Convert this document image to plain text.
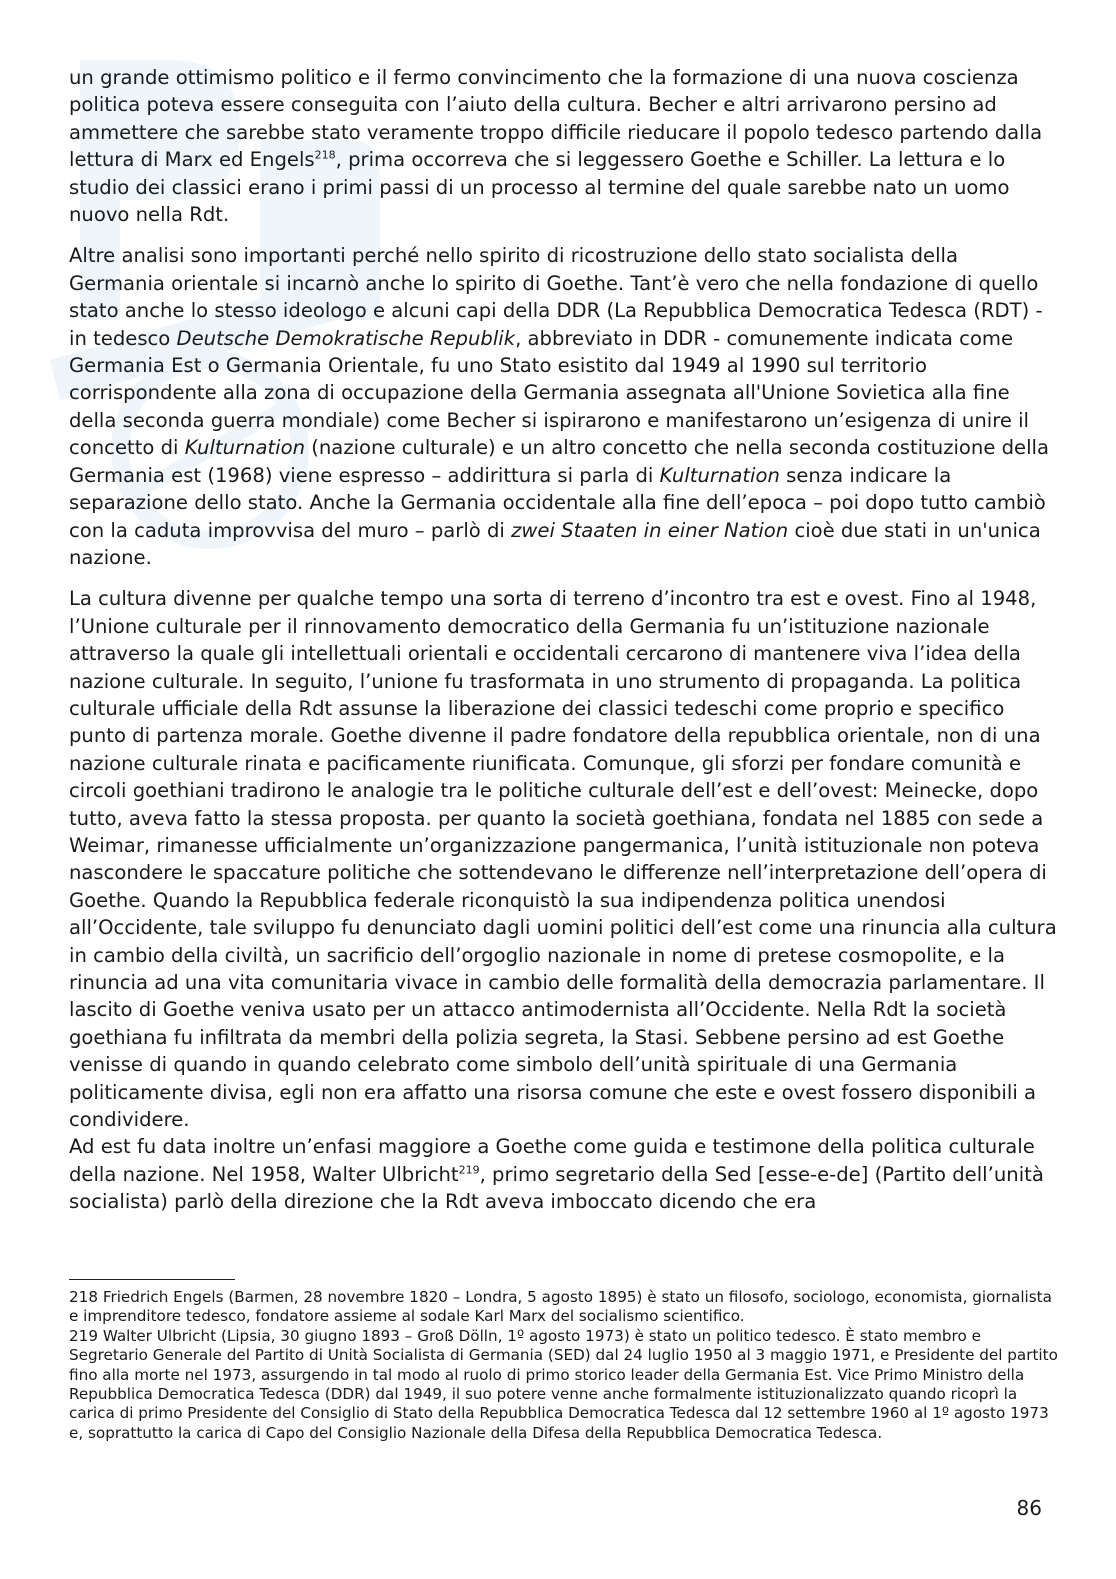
un grande ottimismo politico e il fermo convincimento che la formazione di una nuova coscienza politica poteva essere conseguita con l’aiuto della cultura. Becher e altri arrivarono persino ad ammettere che sarebbe stato veramente troppo difficile rieducare il popolo tedesco partendo dalla lettura di Marx ed Engels$^{218}$, prima occorreva che si leggessero Goethe e Schiller. La lettura e lo studio dei classici erano i primi passi di un processo al termine del quale sarebbe nato un uomo nuovo nella Rdt.

Altre analisi sono importanti perché nello spirito di ricostruzione dello stato socialista della Germania orientale si incarnò anche lo spirito di Goethe. Tant’è vero che nella fondazione di quello stato anche lo stesso ideologo e alcuni capi della DDR (La Repubblica Democratica Tedesca (RDT) - in tedesco Deutsche Demokratische Republik, abbreviato in DDR - comunemente indicata come Germania Est o Germania Orientale, fu uno Stato esistito dal 1949 al 1990 sul territorio corrispondente alla zona di occupazione della Germania assegnata all'Unione Sovietica alla fine della seconda guerra mondiale) come Becher si ispirarono e manifestarono un’esigenza di unire il concetto di Kulturnation (nazione culturale) e un altro concetto che nella seconda costituzione della Germania est (1968) viene espresso – addirittura si parla di Kulturnation senza indicare la separazione dello stato. Anche la Germania occidentale alla fine dell’epoca – poi dopo tutto cambiò con la caduta improvvisa del muro – parlò di zwei Staaten in einer Nation cioè due stati in un'unica nazione.

La cultura divenne per qualche tempo una sorta di terreno d’incontro tra est e ovest. Fino al 1948, l’Unione culturale per il rinnovamento democratico della Germania fu un’istituzione nazionale attraverso la quale gli intellettuali orientali e occidentali cercarono di mantenere viva l’idea della nazione culturale. In seguito, l’unione fu trasformata in uno strumento di propaganda. La politica culturale ufficiale della Rdt assunse la liberazione dei classici tedeschi come proprio e specifico punto di partenza morale. Goethe divenne il padre fondatore della repubblica orientale, non di una nazione culturale rinata e pacificamente riunificata. Comunque, gli sforzi per fondare comunità e circoli goethiani tradirono le analogie tra le politiche culturale dell’est e dell’ovest: Meinecke, dopo tutto, aveva fatto la stessa proposta. per quanto la società goethiana, fondata nel 1885 con sede a Weimar, rimanesse ufficialmente un’organizzazione pangermanica, l’unità istituzionale non poteva nascondere le spaccature politiche che sottendevano le differenze nell’interpretazione dell’opera di Goethe. Quando la Repubblica federale riconquistò la sua indipendenza politica unendosi all’Occidente, tale sviluppo fu denunciato dagli uomini politici dell’est come una rinuncia alla cultura in cambio della civiltà, un sacrificio dell’orgoglio nazionale in nome di pretese cosmopolite, e la rinuncia ad una vita comunitaria vivace in cambio delle formalità della democrazia parlamentare. Il lascito di Goethe veniva usato per un attacco antimodernista all’Occidente. Nella Rdt la società goethiana fu infiltrata da membri della polizia segreta, la Stasi. Sebbene persino ad est Goethe venisse di quando in quando celebrato come simbolo dell’unità spirituale di una Germania politicamente divisa, egli non era affatto una risorsa comune che este e ovest fossero disponibili a condividere.

Ad est fu data inoltre un’enfasi maggiore a Goethe come guida e testimone della politica culturale della nazione. Nel 1958, Walter Ulbricht$^{219}$, primo segretario della Sed [esse-e-de] (Partito dell’unità socialista) parlò della direzione che la Rdt aveva imboccato dicendo che era

218 Friedrich Engels (Barmen, 28 novembre 1820 – Londra, 5 agosto 1895) è stato un filosofo, sociologo, economista, giornalista e imprenditore tedesco, fondatore assieme al sodale Karl Marx del socialismo scientifico.

219 Walter Ulbricht (Lipsia, 30 giugno 1893 – Groß Dölln, 1º agosto 1973) è stato un politico tedesco. È stato membro e Segretario Generale del Partito di Unità Socialista di Germania (SED) dal 24 luglio 1950 al 3 maggio 1971, e Presidente del partito fino alla morte nel 1973, assurgendo in tal modo al ruolo di primo storico leader della Germania Est. Vice Primo Ministro della Repubblica Democratica Tedesca (DDR) dal 1949, il suo potere venne anche formalmente istituzionalizzato quando ricoprì la carica di primo Presidente del Consiglio di Stato della Repubblica Democratica Tedesca dal 12 settembre 1960 al 1º agosto 1973 e, soprattutto la carica di Capo del Consiglio Nazionale della Difesa della Repubblica Democratica Tedesca.

86
